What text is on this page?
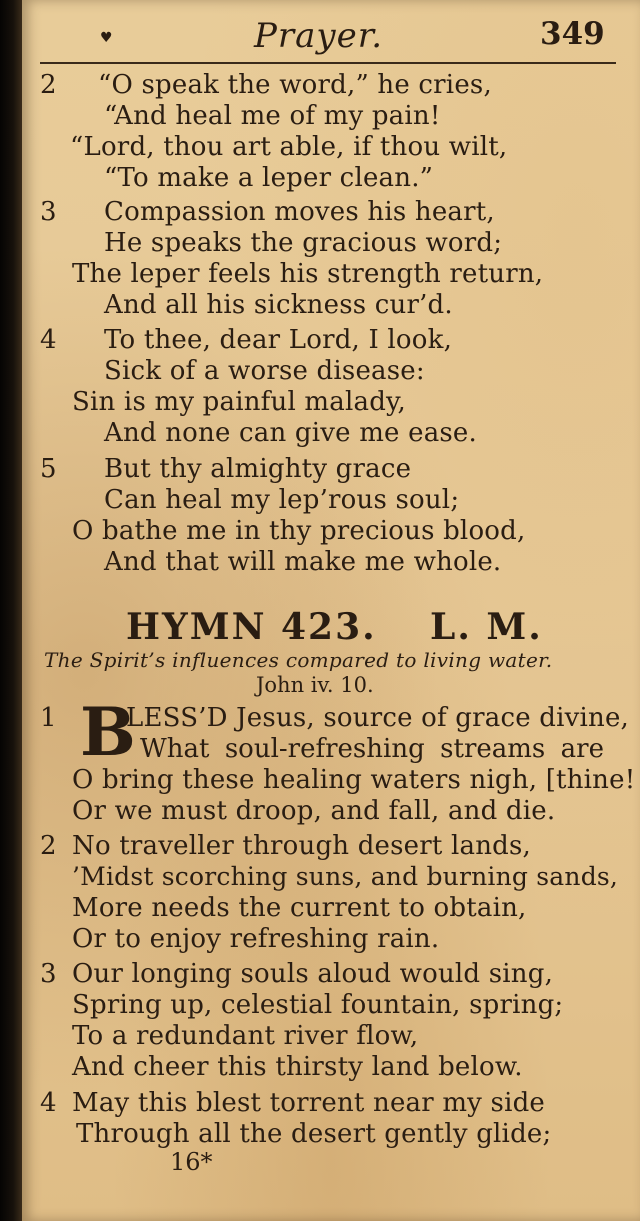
♥	Prayer.	349
2 “O speak the word,” he cries,
“And heal me of my pain!
“Lord, thou art able, if thou wilt,
“To make a leper clean.”
3 Compassion moves his heart,
He speaks the gracious word;
The leper feels his strength return,
And all his sickness cur’d.
4 To thee, dear Lord, I look,
Sick of a worse disease:
Sin is my painful malady,
And none can give me ease.
5 But thy almighty grace
Can heal my lep’rous soul;
O bathe me in thy precious blood,
And that will make me whole.
HYMN 423. L. M.
The Spirit’s influences compared to living water.
John iv. 10.
1 B
LESS’D Jesus, source of grace divine,
What soul-refreshing streams are
O bring these healing waters nigh, [thine!
Or we must droop, and fall, and die.
2 No traveller through desert lands,
’Midst scorching suns, and burning sands,
More needs the current to obtain,
Or to enjoy refreshing rain.
3 Our longing souls aloud would sing,
Spring up, celestial fountain, spring;
To a redundant river flow,
And cheer this thirsty land below.
4 May this blest torrent near my side
Through all the desert gently glide;
16*
